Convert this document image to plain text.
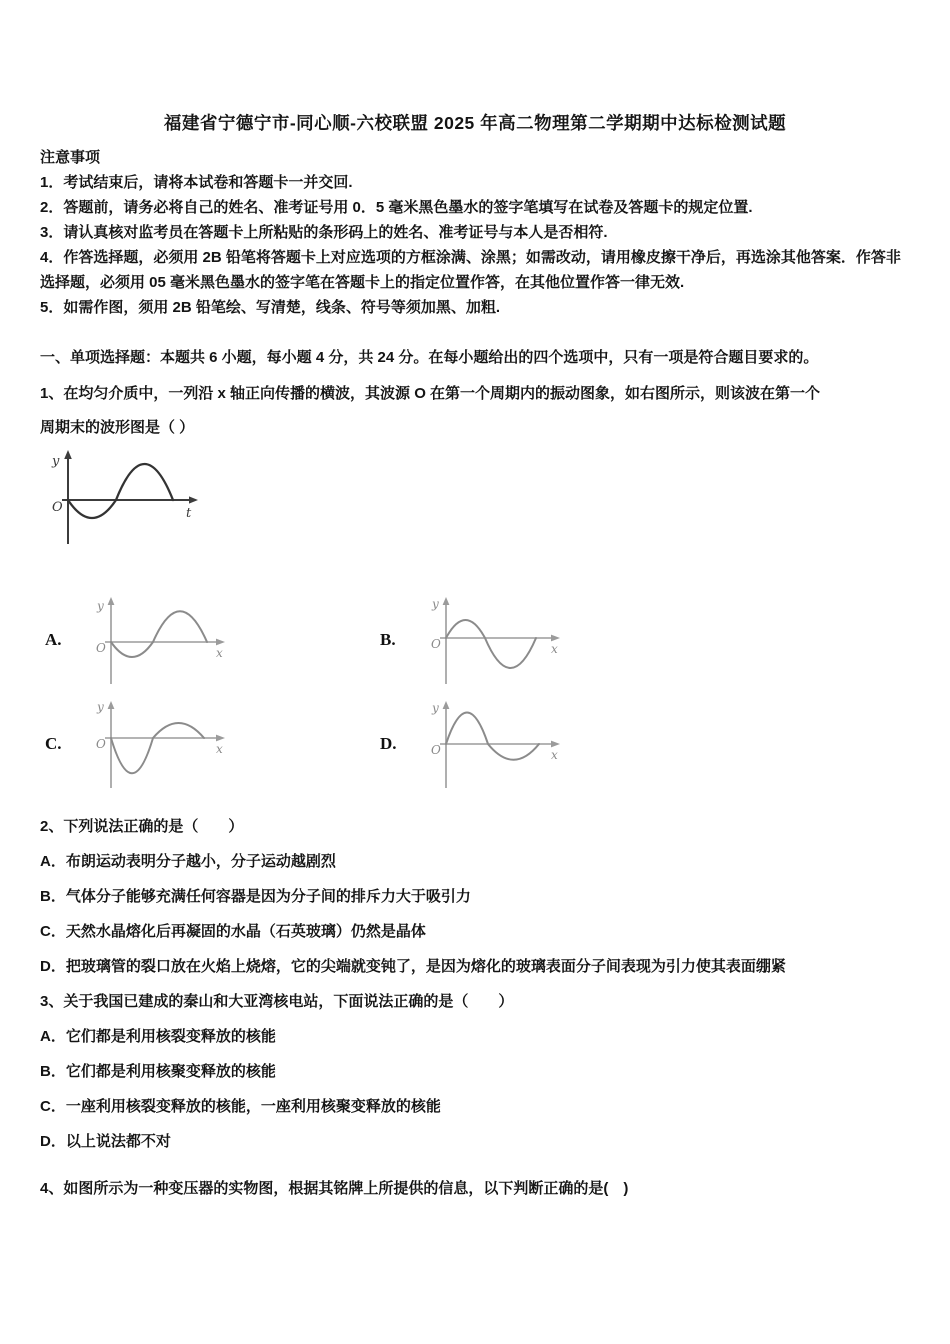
福建省宁德宁市-同心顺-六校联盟 2025 年高二物理第二学期期中达标检测试题
注意事项

1．考试结束后，请将本试卷和答题卡一并交回.

2．答题前，请务必将自己的姓名、准考证号用 0．5 毫米黑色墨水的签字笔填写在试卷及答题卡的规定位置.

3．请认真核对监考员在答题卡上所粘贴的条形码上的姓名、准考证号与本人是否相符.

4．作答选择题，必须用 2B 铅笔将答题卡上对应选项的方框涂满、涂黑；如需改动，请用橡皮擦干净后，再选涂其他答案．作答非选择题，必须用 05 毫米黑色墨水的签字笔在答题卡上的指定位置作答，在其他位置作答一律无效.

5．如需作图，须用 2B 铅笔绘、写清楚，线条、符号等须加黑、加粗.

一、单项选择题：本题共 6 小题，每小题 4 分，共 24 分。在每小题给出的四个选项中，只有一项是符合题目要求的。

1、在均匀介质中，一列沿 x 轴正向传播的横波，其波源 O 在第一个周期内的振动图象，如右图所示，则该波在第一个

周期末的波形图是（ ）

y
O	t
A.
y
O	x
B.
y
O	x
C.
y
O	x	D.
y
O	x

2、下列说法正确的是（　　）

A．布朗运动表明分子越小，分子运动越剧烈

B．气体分子能够充满任何容器是因为分子间的排斥力大于吸引力

C．天然水晶熔化后再凝固的水晶（石英玻璃）仍然是晶体

D．把玻璃管的裂口放在火焰上烧熔，它的尖端就变钝了，是因为熔化的玻璃表面分子间表现为引力使其表面绷紧

3、关于我国已建成的秦山和大亚湾核电站，下面说法正确的是（　　）

A．它们都是利用核裂变释放的核能

B．它们都是利用核聚变释放的核能

C．一座利用核裂变释放的核能，一座利用核聚变释放的核能

D．以上说法都不对

4、如图所示为一种变压器的实物图，根据其铭牌上所提供的信息，以下判断正确的是(　)
